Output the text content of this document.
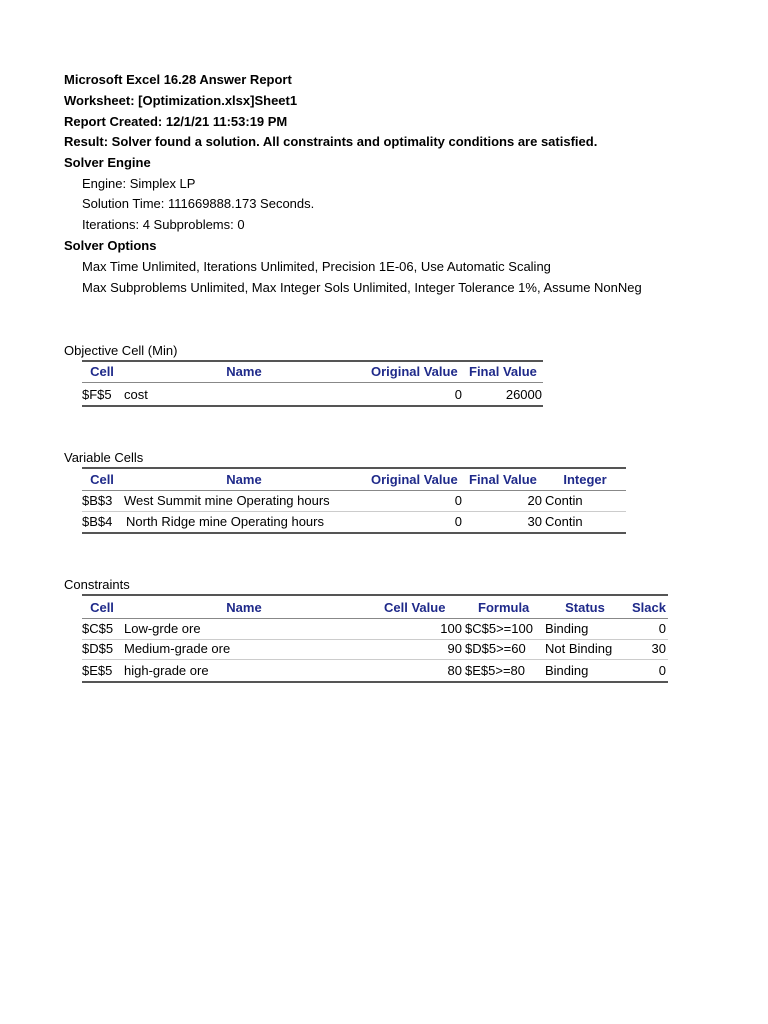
Microsoft Excel 16.28 Answer Report
Worksheet: [Optimization.xlsx]Sheet1
Report Created: 12/1/21 11:53:19 PM
Result: Solver found a solution. All constraints and optimality conditions are satisfied.
Solver Engine
Engine: Simplex LP
Solution Time: 111669888.173 Seconds.
Iterations: 4 Subproblems: 0
Solver Options
Max Time Unlimited, Iterations Unlimited, Precision 1E-06, Use Automatic Scaling
Max Subproblems Unlimited, Max Integer Sols Unlimited, Integer Tolerance 1%, Assume NonNeg
Objective Cell (Min)
Cell	Name	Original Value Final Value
$F$5 cost	0	26000
Variable Cells
Cell	Name	Original Value Final Value	Integer
$B$3 West Summit mine Operating hours	0	20 Contin
$B$4 North Ridge mine Operating hours	0	30 Contin
Constraints
Cell	Name	Cell Value	Formula	Status	Slack
$C$5 Low-grde ore	100 $C$5>=100 Binding	0
$D$5 Medium-grade ore	90 $D$5>=60 Not Binding	30
$E$5 high-grade ore	80 $E$5>=80 Binding	0
